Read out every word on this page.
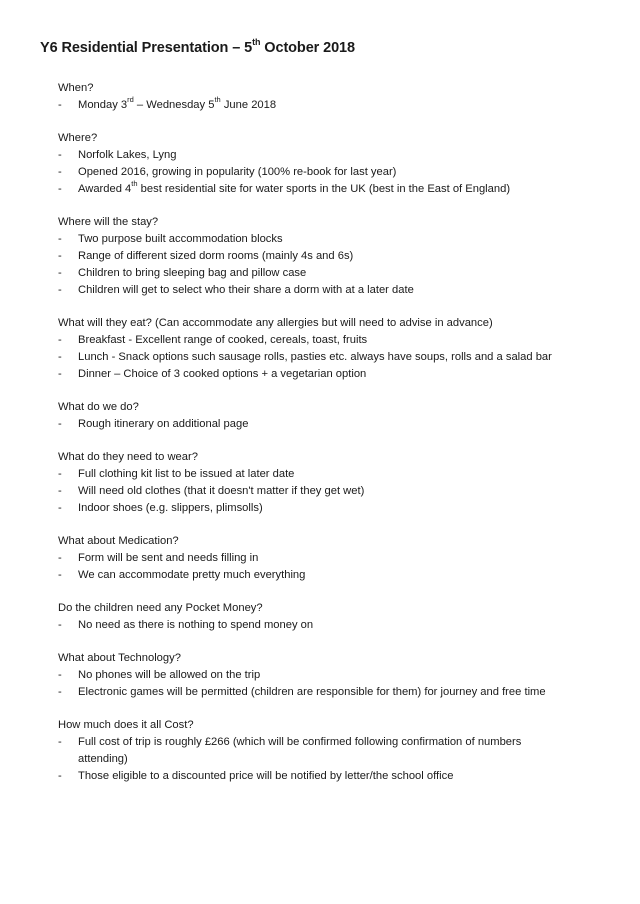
Y6 Residential Presentation – 5th October 2018
When?
- Monday 3rd – Wednesday 5th June 2018
Where?
- Norfolk Lakes, Lyng
- Opened 2016, growing in popularity (100% re-book for last year)
- Awarded 4th best residential site for water sports in the UK (best in the East of England)
Where will the stay?
- Two purpose built accommodation blocks
- Range of different sized dorm rooms (mainly 4s and 6s)
- Children to bring sleeping bag and pillow case
- Children will get to select who their share a dorm with at a later date
What will they eat? (Can accommodate any allergies but will need to advise in advance)
- Breakfast - Excellent range of cooked, cereals, toast, fruits
- Lunch - Snack options such sausage rolls, pasties etc. always have soups, rolls and a salad bar
- Dinner – Choice of 3 cooked options + a vegetarian option
What do we do?
- Rough itinerary on additional page
What do they need to wear?
- Full clothing kit list to be issued at later date
- Will need old clothes (that it doesn't matter if they get wet)
- Indoor shoes (e.g. slippers, plimsolls)
What about Medication?
- Form will be sent and needs filling in
- We can accommodate pretty much everything
Do the children need any Pocket Money?
- No need as there is nothing to spend money on
What about Technology?
- No phones will be allowed on the trip
- Electronic games will be permitted (children are responsible for them) for journey and free time
How much does it all Cost?
- Full cost of trip is roughly £266 (which will be confirmed following confirmation of numbers attending)
- Those eligible to a discounted price will be notified by letter/the school office
